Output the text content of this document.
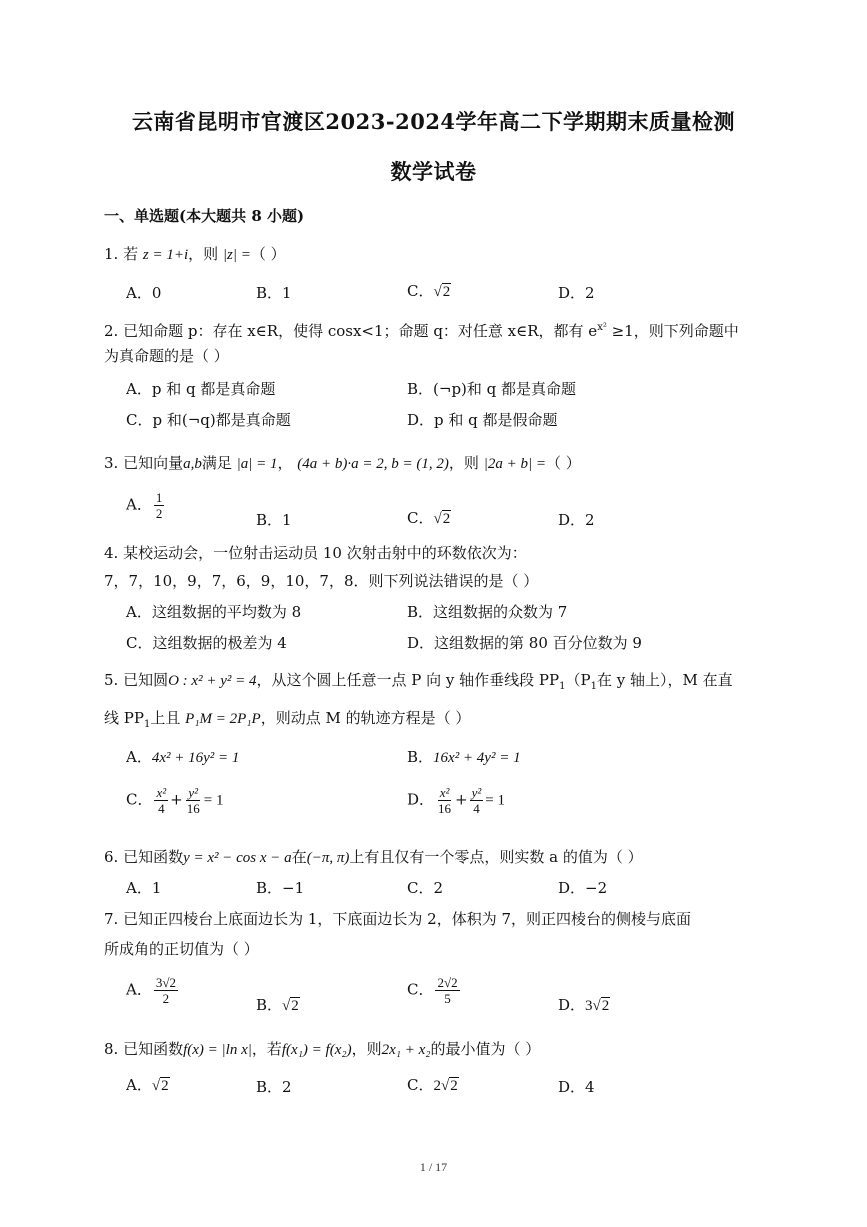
云南省昆明市官渡区2023-2024学年高二下学期期末质量检测
数学试卷
一、单选题(本大题共 8 小题)
1. 若 z = 1+i，则 |z| =（ ）
A．0	B．1	C．√2	D．2
2. 已知命题 p：存在 x∈R，使得 cosx<1；命题 q：对任意 x∈R，都有 $e^{x^2} \ge 1$，则下列命题中
为真命题的是（ ）
A．p 和 q 都是真命题	B．(¬p)和 q 都是真命题
C．p 和(¬q)都是真命题	D．p 和 q 都是假命题
3. 已知向量a,b满足 |a| = 1， (4a + b)·a = 2, b = (1, 2)，则 |2a + b| =（ ）
A． $\frac{1}{2}$	B．1	C．√2	D．2
4. 某校运动会，一位射击运动员 10 次射击射中的环数依次为：
7，7，10，9，7，6，9，10，7，8．则下列说法错误的是（ ）
A．这组数据的平均数为 8	B．这组数据的众数为 7
C．这组数据的极差为 4	D．这组数据的第 80 百分位数为 9
5. 已知圆O : x² + y² = 4，从这个圆上任意一点 P 向 y 轴作垂线段 $PP_1(P_1$在 y 轴上），M 在直
线 $PP_1$上且 P₁M = 2P₁P，则动点 M 的轨迹方程是（ ）
A．4x² + 16y² = 1	B．16x² + 4y² = 1
C． $\frac{\text{x²}}{4} + \frac{\text{y²}}{16} = 1$	D． $\frac{\text{x²}}{16} + \frac{\text{y²}}{4} = 1$
6. 已知函数y = x² − cos x − a在(−π, π)上有且仅有一个零点，则实数 a 的值为（ ）
A．1	B．−1	C．2	D．−2
7. 已知正四棱台上底面边长为 1，下底面边长为 2，体积为 7，则正四棱台的侧棱与底面
所成角的正切值为（ ）
A． $\frac{3√2}{2}$	B．√2
C． $\frac{2√2}{5}$	D．3√2
8. 已知函数f(x) = |ln x|，若f(x₁) = f(x₂)，则2x₁ + x₂的最小值为（ ）
A．√2	B．2	C．2√2	D．4
1 / 17
